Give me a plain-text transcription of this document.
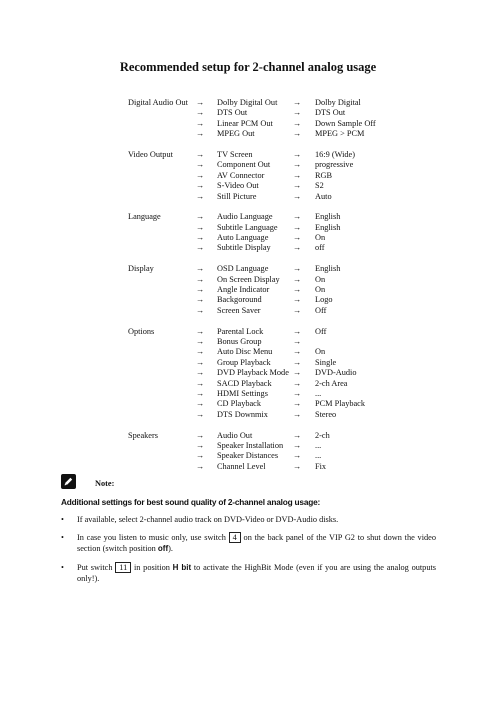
Recommended setup for 2-channel analog usage
Digital Audio Out → Dolby Digital Out → Dolby Digital
→ DTS Out	→ DTS Out
→ Linear PCM Out → Down Sample Off
→ MPEG Out	→ MPEG > PCM
Video Output	→ TV Screen	→ 16:9 (Wide)
→ Component Out	→ progressive
→ AV Connector	→ RGB
→ S-Video Out	→ S2
→ Still Picture	→ Auto
Language	→ Audio Language → English
→ Subtitle Language → English
→ Auto Language	→ On
→ Subtitle Display	→ off
Display	→ OSD Language	→ English
→ On Screen Display → On
→ Angle Indicator	→ On
→ Backgoround	→ Logo
→ Screen Saver	→ Off
Options	→ Parental Lock	→ Off
→ Bonus Group	→
→ Auto Disc Menu → On
→ Group Playback	→ Single
→ DVD Playback Mode → DVD-Audio
→ SACD Playback	→ 2-ch Area
→ HDMI Settings	→ ...
→ CD Playback	→ PCM Playback
→ DTS Downmix	→ Stereo
Speakers	→ Audio Out	→ 2-ch
→ Speaker Installation → ...
→ Speaker Distances → ...
→ Channel Level	→ Fix
Note:
Additional settings for best sound quality of 2-channel analog usage:
• If available, select 2-channel audio track on DVD-Video or DVD-Audio disks.
• In case you listen to music only, use switch 4 on the back panel of the VIP G2 to shut down the video section (switch position off).
• Put switch 11 in position H bit to activate the HighBit Mode (even if you are using the analog outputs only!).
